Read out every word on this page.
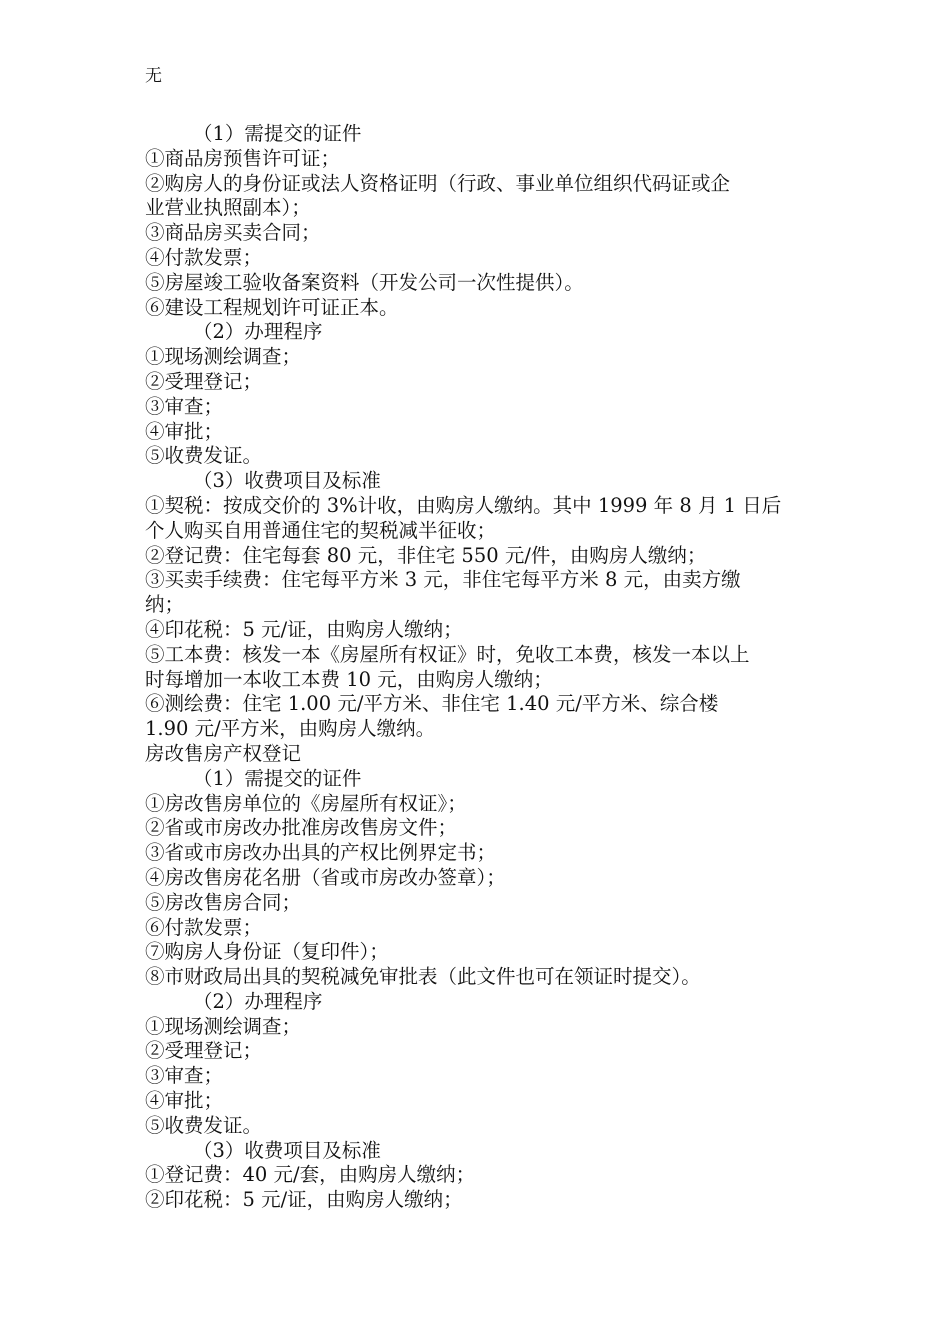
无
（1）需提交的证件
①商品房预售许可证；
②购房人的身份证或法人资格证明（行政、事业单位组织代码证或企
业营业执照副本）；
③商品房买卖合同；
④付款发票；
⑤房屋竣工验收备案资料（开发公司一次性提供）。
⑥建设工程规划许可证正本。
（2）办理程序
①现场测绘调查；
②受理登记；
③审查；
④审批；
⑤收费发证。
（3）收费项目及标准
①契税：按成交价的 3%计收，由购房人缴纳。其中 1999 年 8 月 1 日后
个人购买自用普通住宅的契税减半征收；
②登记费：住宅每套 80 元，非住宅 550 元/件，由购房人缴纳；
③买卖手续费：住宅每平方米 3 元，非住宅每平方米 8 元，由卖方缴
纳；
④印花税：5 元/证，由购房人缴纳；
⑤工本费：核发一本《房屋所有权证》时，免收工本费，核发一本以上
时每增加一本收工本费 10 元，由购房人缴纳；
⑥测绘费：住宅 1.00 元/平方米、非住宅 1.40 元/平方米、综合楼
1.90 元/平方米，由购房人缴纳。
房改售房产权登记
（1）需提交的证件
①房改售房单位的《房屋所有权证》；
②省或市房改办批准房改售房文件；
③省或市房改办出具的产权比例界定书；
④房改售房花名册（省或市房改办签章）；
⑤房改售房合同；
⑥付款发票；
⑦购房人身份证（复印件）；
⑧市财政局出具的契税减免审批表（此文件也可在领证时提交）。
（2）办理程序
①现场测绘调查；
②受理登记；
③审查；
④审批；
⑤收费发证。
（3）收费项目及标准
①登记费：40 元/套，由购房人缴纳；
②印花税：5 元/证，由购房人缴纳；
